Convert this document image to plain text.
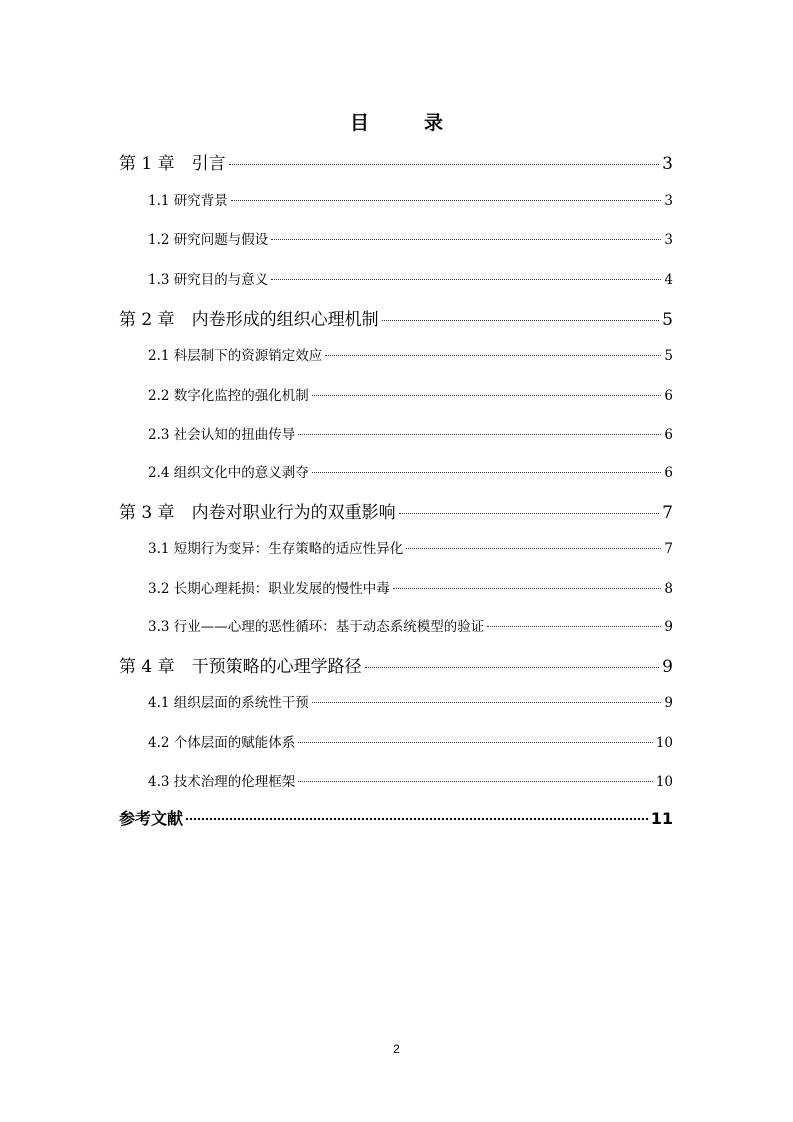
目　录
第 1 章　引言	3
1.1 研究背景	3
1.2 研究问题与假设	3
1.3 研究目的与意义	4
第 2 章　内卷形成的组织心理机制	5
2.1 科层制下的资源销定效应	5
2.2 数字化监控的强化机制	6
2.3 社会认知的扭曲传导	6
2.4 组织文化中的意义剥夺	6
第 3 章　内卷对职业行为的双重影响	7
3.1 短期行为变异：生存策略的适应性异化	7
3.2 长期心理耗损：职业发展的慢性中毒	8
3.3 行业——心理的恶性循环：基于动态系统模型的验证	9
第 4 章　干预策略的心理学路径	9
4.1 组织层面的系统性干预	9
4.2 个体层面的赋能体系	10
4.3 技术治理的伦理框架	10
参考文献	11
2
